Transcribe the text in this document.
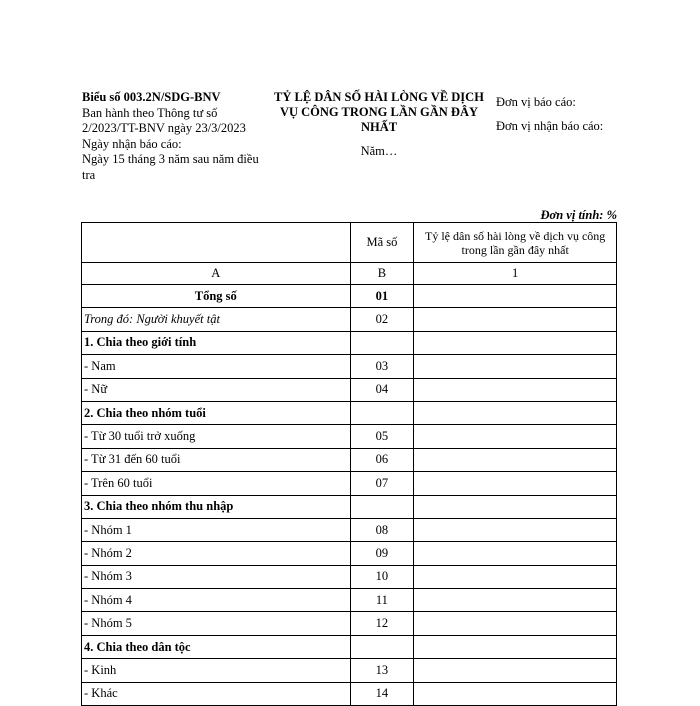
Biểu số 003.2N/SDG-BNV
Ban hành theo Thông tư số 2/2023/TT-BNV ngày 23/3/2023
Ngày nhận báo cáo:
Ngày 15 tháng 3 năm sau năm điều tra
TỶ LỆ DÂN SỐ HÀI LÒNG VỀ DỊCH VỤ CÔNG TRONG LẦN GẦN ĐÂY NHẤT
Năm…
Đơn vị báo cáo:
Đơn vị nhận báo cáo:
Đơn vị tính: %
	Mã số	Tỷ lệ dân số hài lòng về dịch vụ công trong lần gần đây nhất
A	B	1
Tổng số	01	
Trong đó: Người khuyết tật	02	
1. Chia theo giới tính		
- Nam	03	
- Nữ	04	
2. Chia theo nhóm tuổi		
- Từ 30 tuổi trở xuống	05	
- Từ 31 đến 60 tuổi	06	
- Trên 60 tuổi	07	
3. Chia theo nhóm thu nhập		
- Nhóm 1	08	
- Nhóm 2	09	
- Nhóm 3	10	
- Nhóm 4	11	
- Nhóm 5	12	
4. Chia theo dân tộc		
- Kinh	13	
- Khác	14	
